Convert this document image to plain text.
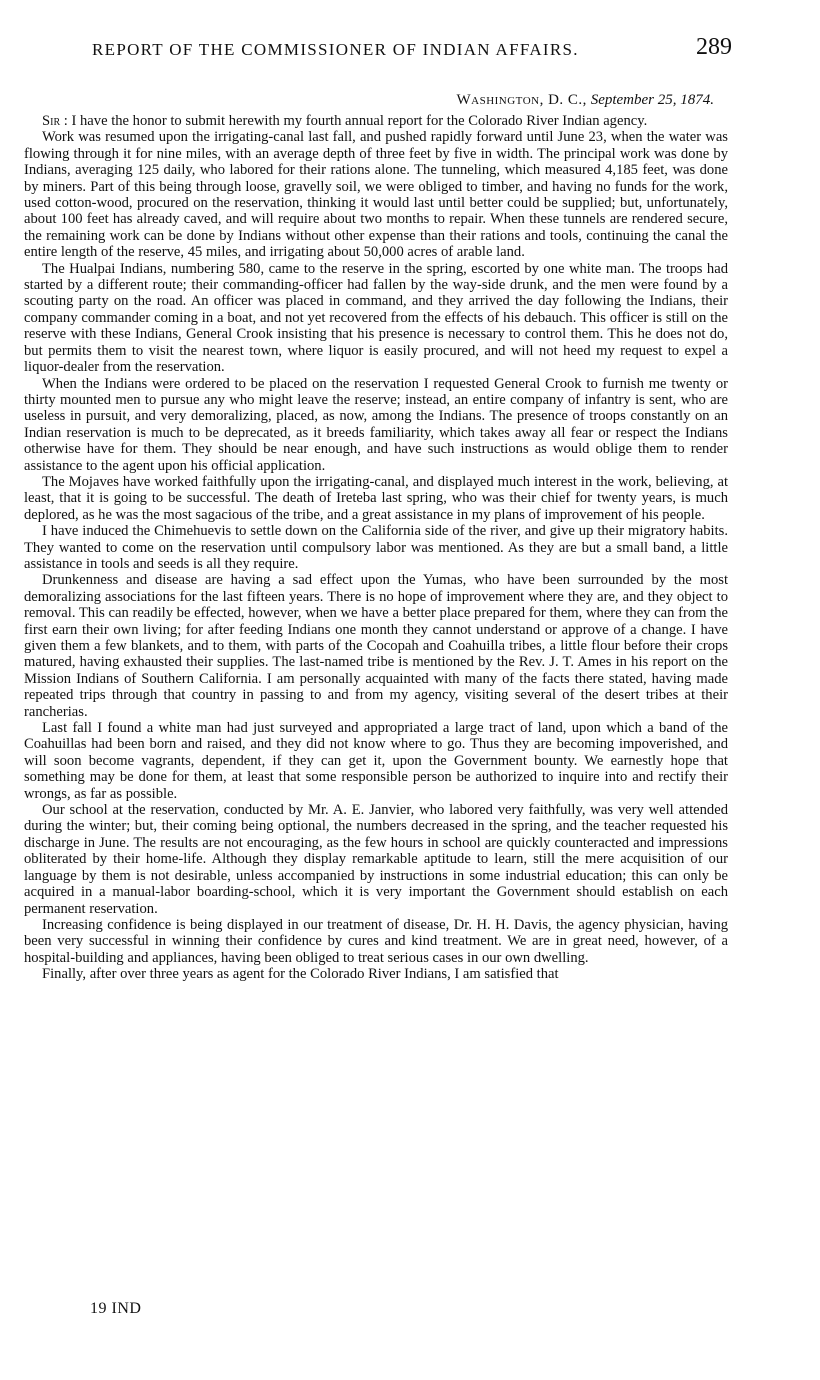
REPORT OF THE COMMISSIONER OF INDIAN AFFAIRS.	289
Washington, D. C., September 25, 1874.

Sir : I have the honor to submit herewith my fourth annual report for the Colorado River Indian agency.

Work was resumed upon the irrigating-canal last fall, and pushed rapidly forward until June 23, when the water was flowing through it for nine miles, with an average depth of three feet by five in width. The principal work was done by Indians, averaging 125 daily, who labored for their rations alone. The tunneling, which measured 4,185 feet, was done by miners. Part of this being through loose, gravelly soil, we were obliged to timber, and having no funds for the work, used cotton-wood, procured on the reservation, thinking it would last until better could be supplied; but, unfortunately, about 100 feet has already caved, and will require about two months to repair. When these tunnels are rendered secure, the remaining work can be done by Indians without other expense than their rations and tools, continuing the canal the entire length of the reserve, 45 miles, and irrigating about 50,000 acres of arable land.

The Hualpai Indians, numbering 580, came to the reserve in the spring, escorted by one white man. The troops had started by a different route; their commanding-officer had fallen by the way-side drunk, and the men were found by a scouting party on the road. An officer was placed in command, and they arrived the day following the Indians, their company commander coming in a boat, and not yet recovered from the effects of his debauch. This officer is still on the reserve with these Indians, General Crook insisting that his presence is necessary to control them. This he does not do, but permits them to visit the nearest town, where liquor is easily procured, and will not heed my request to expel a liquor-dealer from the reservation.

When the Indians were ordered to be placed on the reservation I requested General Crook to furnish me twenty or thirty mounted men to pursue any who might leave the reserve; instead, an entire company of infantry is sent, who are useless in pursuit, and very demoralizing, placed, as now, among the Indians. The presence of troops constantly on an Indian reservation is much to be deprecated, as it breeds familiarity, which takes away all fear or respect the Indians otherwise have for them. They should be near enough, and have such instructions as would oblige them to render assistance to the agent upon his official application.

The Mojaves have worked faithfully upon the irrigating-canal, and displayed much interest in the work, believing, at least, that it is going to be successful. The death of Ireteba last spring, who was their chief for twenty years, is much deplored, as he was the most sagacious of the tribe, and a great assistance in my plans of improvement of his people.

I have induced the Chimehuevis to settle down on the California side of the river, and give up their migratory habits. They wanted to come on the reservation until compulsory labor was mentioned. As they are but a small band, a little assistance in tools and seeds is all they require.

Drunkenness and disease are having a sad effect upon the Yumas, who have been surrounded by the most demoralizing associations for the last fifteen years. There is no hope of improvement where they are, and they object to removal. This can readily be effected, however, when we have a better place prepared for them, where they can from the first earn their own living; for after feeding Indians one month they cannot understand or approve of a change. I have given them a few blankets, and to them, with parts of the Cocopah and Coahuilla tribes, a little flour before their crops matured, having exhausted their supplies. The last-named tribe is mentioned by the Rev. J. T. Ames in his report on the Mission Indians of Southern California. I am personally acquainted with many of the facts there stated, having made repeated trips through that country in passing to and from my agency, visiting several of the desert tribes at their rancherias.

Last fall I found a white man had just surveyed and appropriated a large tract of land, upon which a band of the Coahuillas had been born and raised, and they did not know where to go. Thus they are becoming impoverished, and will soon become vagrants, dependent, if they can get it, upon the Government bounty. We earnestly hope that something may be done for them, at least that some responsible person be authorized to inquire into and rectify their wrongs, as far as possible.

Our school at the reservation, conducted by Mr. A. E. Janvier, who labored very faithfully, was very well attended during the winter; but, their coming being optional, the numbers decreased in the spring, and the teacher requested his discharge in June. The results are not encouraging, as the few hours in school are quickly counteracted and impressions obliterated by their home-life. Although they display remarkable aptitude to learn, still the mere acquisition of our language by them is not desirable, unless accompanied by instructions in some industrial education; this can only be acquired in a manual-labor boarding-school, which it is very important the Government should establish on each permanent reservation.

Increasing confidence is being displayed in our treatment of disease, Dr. H. H. Davis, the agency physician, having been very successful in winning their confidence by cures and kind treatment. We are in great need, however, of a hospital-building and appliances, having been obliged to treat serious cases in our own dwelling.

Finally, after over three years as agent for the Colorado River Indians, I am satisfied that

19 IND
